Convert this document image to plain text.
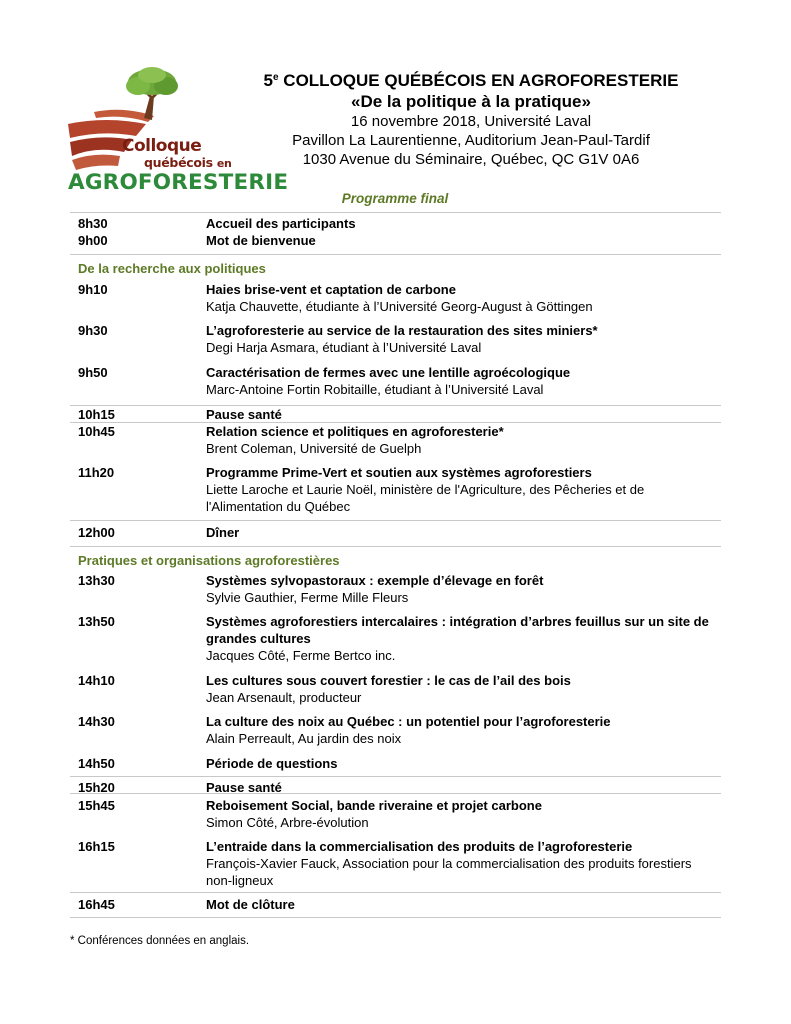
Colloque
québécois en
AGROFORESTERIE
5e COLLOQUE QUÉBÉCOIS EN AGROFORESTERIE
«De la politique à la pratique»
16 novembre 2018, Université Laval
Pavillon La Laurentienne, Auditorium Jean-Paul-Tardif
1030 Avenue du Séminaire, Québec, QC G1V 0A6
Programme final
De la recherche aux politiques
Pratiques et organisations agroforestières
8h30	Accueil des participants
9h00	Mot de bienvenue
9h10	Haies brise-vent et captation de carbone
Katja Chauvette, étudiante à l’Université Georg-August à Göttingen
9h30	L’agroforesterie au service de la restauration des sites miniers*
Degi Harja Asmara, étudiant à l’Université Laval
9h50	Caractérisation de fermes avec une lentille agroécologique
Marc-Antoine Fortin Robitaille, étudiant à l’Université Laval
10h15	Pause santé
10h45	Relation science et politiques en agroforesterie*
Brent Coleman, Université de Guelph
11h20	Programme Prime-Vert et soutien aux systèmes agroforestiers
Liette Laroche et Laurie Noël, ministère de l'Agriculture, des Pêcheries et de l'Alimentation du Québec
12h00	Dîner
13h30	Systèmes sylvopastoraux : exemple d’élevage en forêt
Sylvie Gauthier, Ferme Mille Fleurs
13h50	Systèmes agroforestiers intercalaires : intégration d’arbres feuillus sur un site de grandes cultures
Jacques Côté, Ferme Bertco inc.
14h10	Les cultures sous couvert forestier : le cas de l’ail des bois
Jean Arsenault, producteur
14h30	La culture des noix au Québec : un potentiel pour l’agroforesterie
Alain Perreault, Au jardin des noix
14h50	Période de questions
15h20	Pause santé
15h45	Reboisement Social, bande riveraine et projet carbone
Simon Côté, Arbre-évolution
16h15	L’entraide dans la commercialisation des produits de l’agroforesterie
François-Xavier Fauck, Association pour la commercialisation des produits forestiers non-ligneux
16h45	Mot de clôture
* Conférences données en anglais.
